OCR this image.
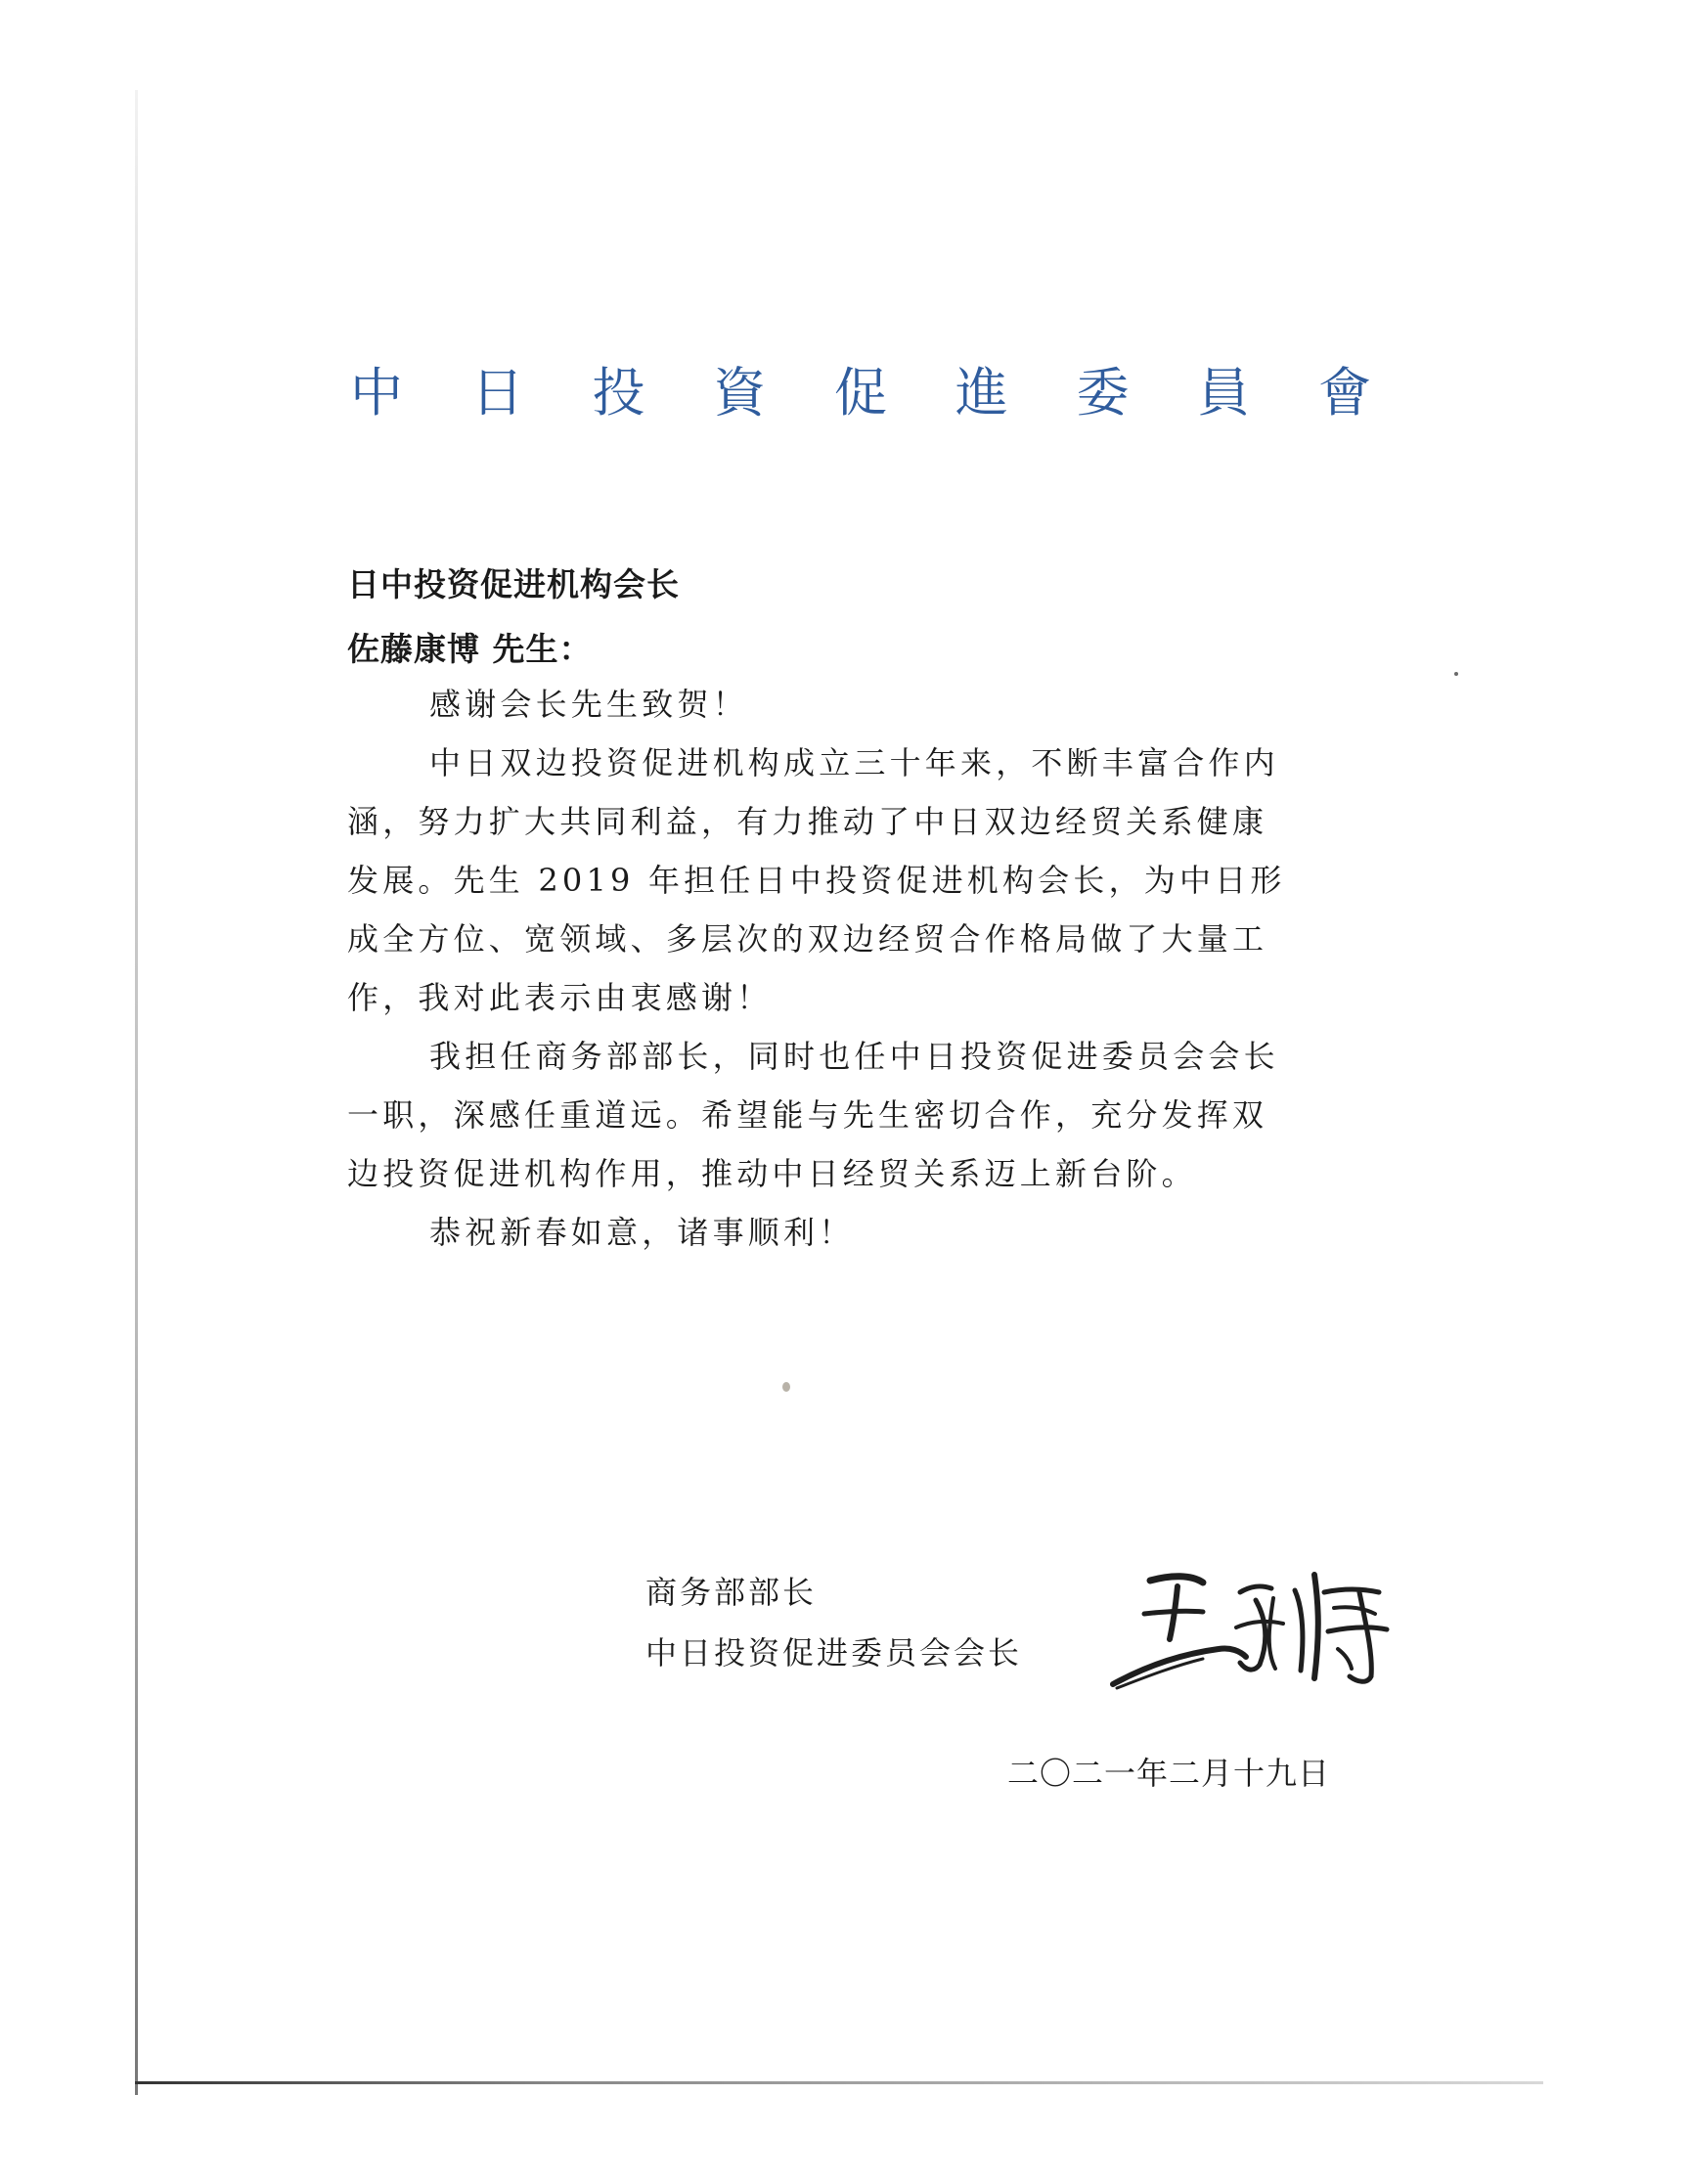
中 日 投 資 促 進 委 員 會
日中投资促进机构会长
佐藤康博 先生：
感谢会长先生致贺！
中日双边投资促进机构成立三十年来，不断丰富合作内
涵，努力扩大共同利益，有力推动了中日双边经贸关系健康
发展。先生 2019 年担任日中投资促进机构会长，为中日形
成全方位、宽领域、多层次的双边经贸合作格局做了大量工
作，我对此表示由衷感谢！
我担任商务部部长，同时也任中日投资促进委员会会长
一职，深感任重道远。希望能与先生密切合作，充分发挥双
边投资促进机构作用，推动中日经贸关系迈上新台阶。
恭祝新春如意，诸事顺利！
商务部部长
中日投资促进委员会会长
二〇二一年二月十九日
